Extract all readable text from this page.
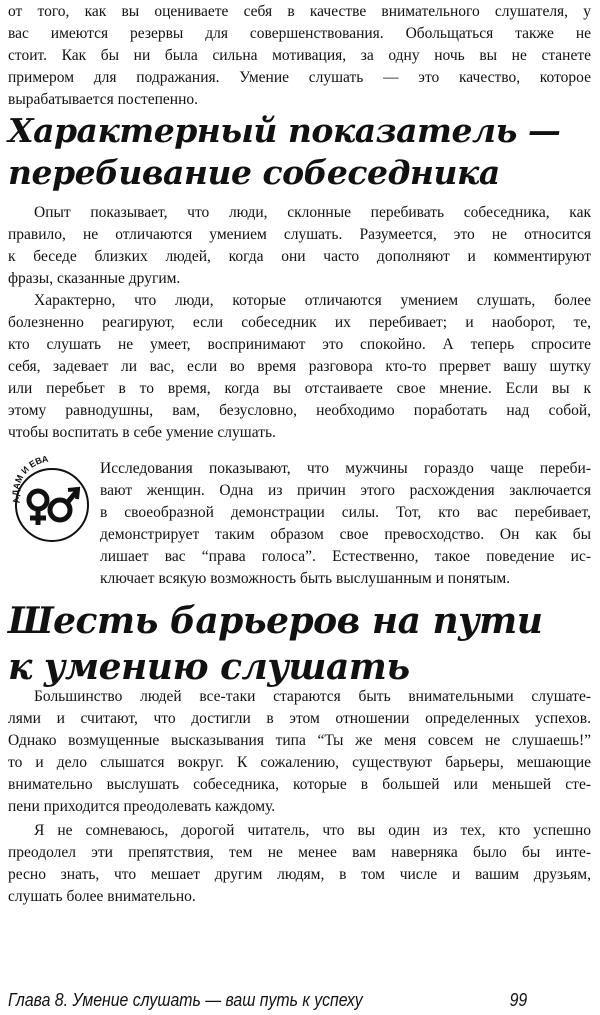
от того, как вы оцениваете себя в качестве внимательного слушателя, у
вас имеются резервы для совершенствования. Обольщаться также не
стоит. Как бы ни была сильна мотивация, за одну ночь вы не станете
примером для подражания. Умение слушать — это качество, которое
вырабатывается постепенно.
Характерный показатель —
перебивание собеседника
Опыт показывает, что люди, склонные перебивать собеседника, как
правило, не отличаются умением слушать. Разумеется, это не относится
к беседе близких людей, когда они часто дополняют и комментируют
фразы, сказанные другим.
Характерно, что люди, которые отличаются умением слушать, более
болезненно реагируют, если собеседник их перебивает; и наоборот, те,
кто слушать не умеет, воспринимают это спокойно. А теперь спросите
себя, задевает ли вас, если во время разговора кто-то прервет вашу шутку
или перебьет в то время, когда вы отстаиваете свое мнение. Если вы к
этому равнодушны, вам, безусловно, необходимо поработать над собой,
чтобы воспитать в себе умение слушать.
АДАМ И ЕВА
Исследования показывают, что мужчины гораздо чаще переби-
вают женщин. Одна из причин этого расхождения заключается
в своеобразной демонстрации силы. Тот, кто вас перебивает,
демонстрирует таким образом свое превосходство. Он как бы
лишает вас “права голоса”. Естественно, такое поведение ис-
ключает всякую возможность быть выслушанным и понятым.
Шесть барьеров на пути
к умению слушать
Большинство людей все-таки стараются быть внимательными слушате-
лями и считают, что достигли в этом отношении определенных успехов.
Однако возмущенные высказывания типа “Ты же меня совсем не слушаешь!”
то и дело слышатся вокруг. К сожалению, существуют барьеры, мешающие
внимательно выслушать собеседника, которые в большей или меньшей сте-
пени приходится преодолевать каждому.
Я не сомневаюсь, дорогой читатель, что вы один из тех, кто успешно
преодолел эти препятствия, тем не менее вам наверняка было бы инте-
ресно знать, что мешает другим людям, в том числе и вашим друзьям,
слушать более внимательно.
Глава 8. Умение слушать — ваш путь к успеху	99
